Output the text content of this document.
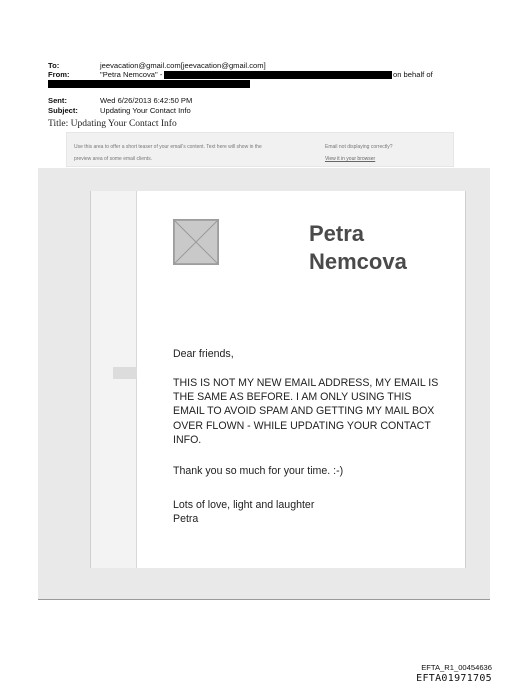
To:	jeevacation@gmail.com[jeevacation@gmail.com]
From:	"Petra Nemcova" -	on behalf of
Sent:	Wed 6/26/2013 6:42:50 PM
Subject:	Updating Your Contact Info
Title: Updating Your Contact Info
Use this area to offer a short teaser of your email's content. Text here will show in the
preview area of some email clients.
Email not displaying correctly?
View it in your browser
Petra
Nemcova
Dear friends,
THIS IS NOT MY NEW EMAIL ADDRESS, MY EMAIL IS THE SAME AS BEFORE. I AM ONLY USING THIS EMAIL TO AVOID SPAM AND GETTING MY MAIL BOX OVER FLOWN - WHILE UPDATING YOUR CONTACT INFO.
Thank you so much for your time. :-)
Lots of love, light and laughter
Petra
EFTA_R1_00454636
EFTA01971705
